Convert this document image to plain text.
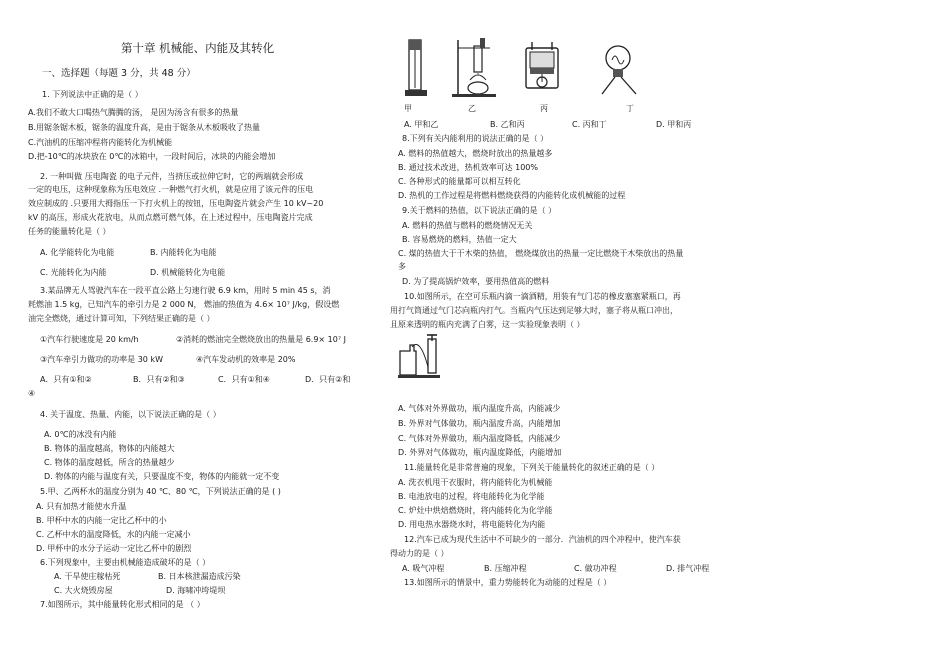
第十章 机械能、内能及其转化
一、选择题（每题 3 分，共 48 分）
1. 下列说法中正确的是（ ）
A.我们不敢大口喝热气腾腾的汤， 是因为汤含有很多的热量
B.用锯条锯木板，锯条的温度升高，是由于锯条从木板吸收了热量
C.汽油机的压缩冲程将内能转化为机械能
D.把-10℃的冰块放在 0℃的冰箱中，一段时间后，冰块的内能会增加
2. 一种叫做 压电陶瓷 的电子元件，当挤压或拉伸它时，它的两端就会形成
一定的电压，这种现象称为压电效应 .一种燃气打火机，就是应用了该元件的压电
效应制成的 .只要用大拇指压一下打火机上的按钮，压电陶瓷片就会产生 10 kV~20
kV 的高压，形成火花放电，从而点燃可燃气体，在上述过程中，压电陶瓷片完成
任务的能量转化是（ ）
A. 化学能转化为电能	B. 内能转化为电能
C. 光能转化为内能	D. 机械能转化为电能
3.某品牌无人驾驶汽车在一段平直公路上匀速行驶 6.9 km，用时 5 min 45 s，消
耗燃油 1.5 kg，已知汽车的牵引力是 2 000 N， 燃油的热值为 4.6× 10⁷ J/kg，假设燃
油完全燃烧，通过计算可知，下列结果正确的是（ ）
①汽车行驶速度是 20 km/h	②消耗的燃油完全燃烧放出的热量是 6.9× 10⁷ J
③汽车牵引力做功的功率是 30 kW	④汽车发动机的效率是 20%
A．只有①和②	B．只有②和③	C．只有①和④	D．只有②和
④
4. 关于温度、热量、内能，以下说法正确的是（ ）
A. 0℃的冰没有内能
B. 物体的温度越高，物体的内能越大
C. 物体的温度越低，所含的热量越少
D. 物体的内能与温度有关，只要温度不变，物体的内能就一定不变
5.甲、乙两杯水的温度分别为 40 ℃、80 ℃，下列说法正确的是 ( )
A. 只有加热才能使水升温
B. 甲杯中水的内能一定比乙杯中的小
C. 乙杯中水的温度降低，水的内能一定减小
D. 甲杯中的水分子运动一定比乙杯中的剧烈
6.下列现象中，主要由机械能造成破坏的是（ ）
A. 干旱使庄稼枯死	B. 日本核泄漏造成污染
C. 大火烧毁房屋	D. 海啸冲垮堤坝
7.如图所示，其中能量转化形式相同的是 （ ）
甲	乙	丙	丁
A. 甲和乙	B. 乙和丙	C. 丙和丁	D. 甲和丙
8.下列有关内能利用的说法正确的是（ ）
A. 燃料的热值越大，燃烧时放出的热量越多
B. 通过技术改进，热机效率可达 100%
C. 各种形式的能量都可以相互转化
D. 热机的工作过程是将燃料燃烧获得的内能转化成机械能的过程
9.关于燃料的热值，以下说法正确的是（ ）
A. 燃料的热值与燃料的燃烧情况无关
B. 容易燃烧的燃料，热值一定大
C. 煤的热值大于干木柴的热值， 燃烧煤放出的热量一定比燃烧干木柴放出的热量
多
D. 为了提高锅炉效率，要用热值高的燃料
10.如图所示，在空可乐瓶内滴一滴酒精，用装有气门芯的橡皮塞塞紧瓶口，再
用打气筒通过气门芯向瓶内打气。当瓶内气压达到足够大时，塞子将从瓶口冲出，
且原来透明的瓶内充满了白雾，这一实验现象表明（ ）
A. 气体对外界做功，瓶内温度升高，内能减少
B. 外界对气体做功，瓶内温度升高，内能增加
C. 气体对外界做功，瓶内温度降低，内能减少
D. 外界对气体做功，瓶内温度降低，内能增加
11.能量转化是非常普遍的现象，下列关于能量转化的叙述正确的是（ ）
A. 洗衣机甩干衣服时，将内能转化为机械能
B. 电池放电的过程，将电能转化为化学能
C. 炉灶中烘焙燃烧时，将内能转化为化学能
D. 用电热水器烧水时，将电能转化为内能
12.汽车已成为现代生活中不可缺少的一部分．汽油机的四个冲程中，使汽车获
得动力的是（ ）
A. 吸气冲程	B. 压缩冲程	C. 做功冲程	D. 排气冲程
13.如图所示的情景中，重力势能转化为动能的过程是（ ）
